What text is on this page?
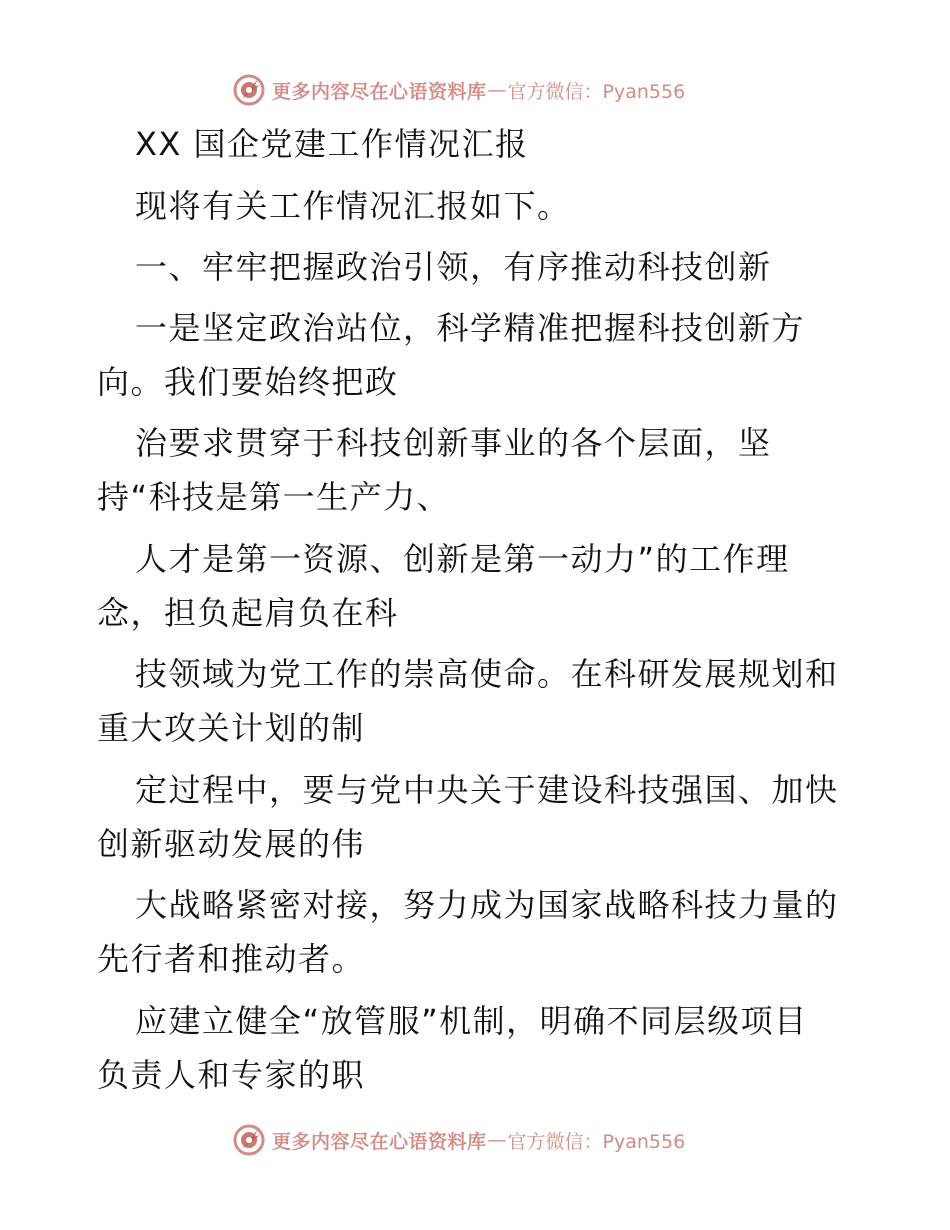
更多内容尽在心语资料库 — 官方微信：Pyan556
XX 国企党建工作情况汇报
现将有关工作情况汇报如下。
一、牢牢把握政治引领，有序推动科技创新
一是坚定政治站位，科学精准把握科技创新方
向。我们要始终把政
治要求贯穿于科技创新事业的各个层面，坚
持“科技是第一生产力、
人才是第一资源、创新是第一动力”的工作理
念，担负起肩负在科
技领域为党工作的崇高使命。在科研发展规划和
重大攻关计划的制
定过程中，要与党中央关于建设科技强国、加快
创新驱动发展的伟
大战略紧密对接，努力成为国家战略科技力量的
先行者和推动者。
应建立健全“放管服”机制，明确不同层级项目
负责人和专家的职
更多内容尽在心语资料库 — 官方微信：Pyan556
